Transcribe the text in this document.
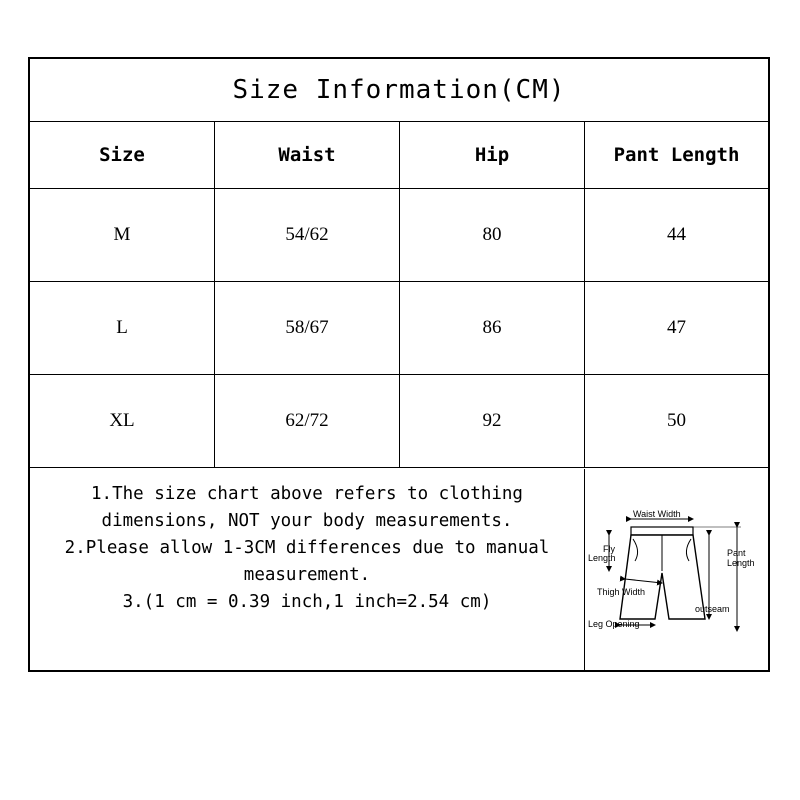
Size Information(CM)
Size	Waist	Hip	Pant Length
M	54/62	80	44
L	58/67	86	47
XL	62/72	92	50

1.The size chart above refers to clothing dimensions, NOT your body measurements.

2.Please allow 1-3CM differences due to manual measurement.

3.(1 cm = 0.39 inch,1 inch=2.54 cm)

Waist Width
Fly
Length	Pant
Length
Thigh Width
outseam
Leg Opening
